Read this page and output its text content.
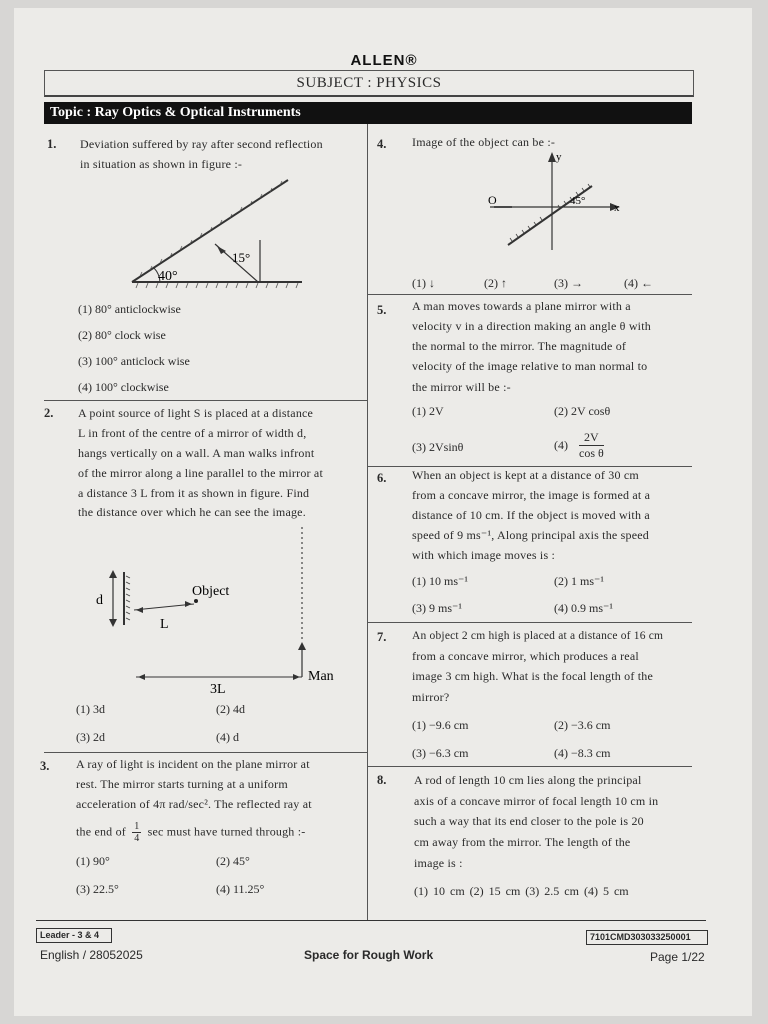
ALLEN®
SUBJECT : PHYSICS
Topic : Ray Optics & Optical Instruments
1. Deviation suffered by ray after second reflection
in situation as shown in figure :-
15°
40°
(1) 80° anticlockwise
(2) 80° clock wise
(3) 100° anticlock wise
(4) 100° clockwise
2. A point source of light S is placed at a distance
L in front of the centre of a mirror of width d,
hangs vertically on a wall. A man walks infront
of the mirror along a line parallel to the mirror at
a distance 3 L from it as shown in figure. Find
the distance over which he can see the image.
d
L
Object
3L
Man
(1) 3d	(2) 4d
(3) 2d	(4) d
3. A ray of light is incident on the plane mirror at
rest. The mirror starts turning at a uniform
acceleration of 4π rad/sec². The reflected ray at
the end of $\frac{1}{4}$ sec must have turned through :-
(1) 90°	(2) 45°
(3) 22.5°	(4) 11.25°
4. Image of the object can be :-
y
x
O	45°
(1) ↓	(2) ↑	(3) →	(4) ←
5. A man moves towards a plane mirror with a
velocity v in a direction making an angle θ with
the normal to the mirror. The magnitude of
velocity of the image relative to man normal to
the mirror will be :-
(1) 2V	(2) 2V cosθ
(3) 2Vsinθ	$(4) \frac{2V}{\text{cos θ}}$
6. When an object is kept at a distance of 30 cm
from a concave mirror, the image is formed at a
distance of 10 cm. If the object is moved with a
speed of 9 ms⁻¹, Along principal axis the speed
with which image moves is :
(1) 10 ms⁻¹	(2) 1 ms⁻¹
(3) 9 ms⁻¹	(4) 0.9 ms⁻¹
7. An object 2 cm high is placed at a distance of 16 cm
from a concave mirror, which produces a real
image 3 cm high. What is the focal length of the
mirror?
(1) −9.6 cm	(2) −3.6 cm
(3) −6.3 cm	(4) −8.3 cm
8. A rod of length 10 cm lies along the principal
axis of a concave mirror of focal length 10 cm in
such a way that its end closer to the pole is 20
cm away from the mirror. The length of the
image is :
(1) 10 cm (2) 15 cm (3) 2.5 cm (4) 5 cm
Leader - 3 & 4	7101CMD303033250001
English / 28052025	Space for Rough Work	Page 1/22
